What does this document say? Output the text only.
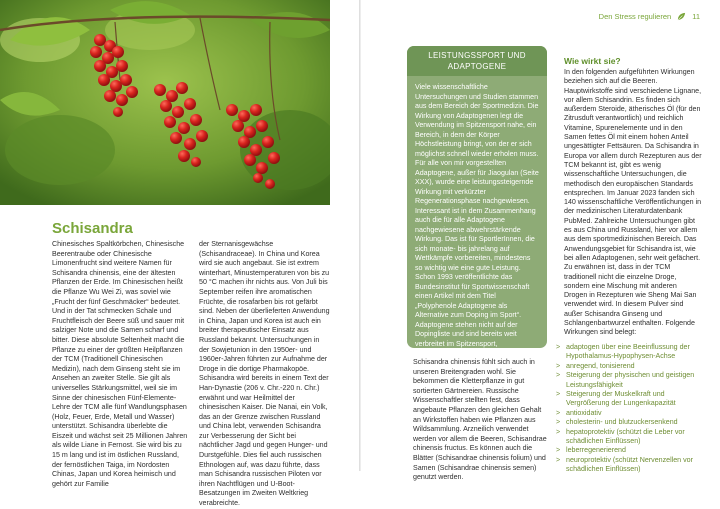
Schisandra

Chinesisches Spaltkörbchen, Chinesische Beerentraube oder Chinesische Limonenfrucht sind weitere Namen für Schisandra chinensis, eine der ältesten Pflanzen der Erde. Im Chinesischen heißt die Pflanze Wu Wei Zi, was soviel wie „Frucht der fünf Geschmäcker“ bedeutet. Und in der Tat schmecken Schale und Fruchtfleisch der Beere süß und sauer mit salziger Note und die Samen scharf und bitter. Diese absolute Seltenheit macht die Pflanze zu einer der größten Heilpflanzen der TCM (Traditionell Chinesischen Medizin), nach dem Ginseng steht sie im Ansehen an zweiter Stelle. Sie gilt als universelles Stärkungsmittel, weil sie im Sinne der chinesischen Fünf-Elemente-Lehre der TCM alle fünf Wandlungsphasen (Holz, Feuer, Erde, Metall und Wasser) unterstützt. Schisandra überlebte die Eiszeit und wächst seit 25 Millionen Jahren als wilde Liane in Fernost. Sie wird bis zu 15 m lang und ist im östlichen Russland, der fernöstlichen Taiga, im Nordosten Chinas, Japan und Korea heimisch und gehört zur Familie

der Sternanisgewächse (Schisandraceae). In China und Korea wird sie auch angebaut. Sie ist extrem winterhart, Minustemperaturen von bis zu 50 °C machen ihr nichts aus. Von Juli bis September reifen ihre aromatischen Früchte, die rosafarben bis rot gefärbt sind. Neben der überlieferten Anwendung in China, Japan und Korea ist auch ein breiter therapeutischer Einsatz aus Russland bekannt. Untersuchungen in der Sowjetunion in den 1950er- und 1960er-Jahren führten zur Aufnahme der Droge in die dortige Pharmakopöe. Schisandra wird bereits in einem Text der Han-Dynastie (206 v. Chr.-220 n. Chr.) erwähnt und war Heilmittel der chinesischen Kaiser. Die Nanai, ein Volk, das an der Grenze zwischen Russland und China lebt, verwenden Schisandra zur Verbesserung der Sicht bei nächtlicher Jagd und gegen Hunger- und Durstgefühle. Dies fiel auch russischen Ethnologen auf, was dazu führte, dass man Schisandra russischen Piloten vor ihren Nachtflügen und U-Boot-Besatzungen im Zweiten Weltkrieg verabreichte.

Den Stress regulieren	11
LEISTUNGSSPORT UND
ADAPTOGENE

Viele wissenschaftliche Untersuchungen und Studien stammen aus dem Bereich der Sportmedizin. Die Wirkung von Adaptogenen legt die Verwendung im Spitzensport nahe, ein Bereich, in dem der Körper Höchstleistung bringt, von der er sich möglichst schnell wieder erholen muss. Für alle von mir vorgestellten Adaptogene, außer für Jiaogulan (Seite XXX), wurde eine leistungssteigernde Wirkung mit verkürzter Regenerationsphase nachgewiesen. Interessant ist in dem Zusammenhang auch die für alle Adaptogene nachgewiesene abwehrstärkende Wirkung. Das ist für SportlerInnen, die sich monate- bis jahrelang auf Wettkämpfe vorbereiten, mindestens so wichtig wie eine gute Leistung. Schon 1993 veröffentlichte das Bundesinstitut für Sportwissenschaft einen Artikel mit dem Titel „Polyphenole Adaptogene als Alternative zum Doping im Sport“. Adaptogene stehen nicht auf der Dopingliste und sind bereits weit verbreitet im Spitzensport,

Schisandra chinensis fühlt sich auch in unseren Breitengraden wohl. Sie bekommen die Kletterpflanze in gut sortierten Gärtnereien. Russische Wissenschaftler stellten fest, dass angebaute Pflanzen den gleichen Gehalt an Wirkstoffen haben wie Pflanzen aus Wildsammlung. Arzneilich verwendet werden vor allem die Beeren, Schisandrae chinensis fructus. Es können auch die Blätter (Schisandrae chinensis folium) und Samen (Schisandrae chinensis semen) genutzt werden.
Wie wirkt sie?

In den folgenden aufgeführten Wirkungen beziehen sich auf die Beeren. Hauptwirkstoffe sind verschiedene Lignane, vor allem Schisandrin. Es finden sich außerdem Steroide, ätherisches Öl (für den Zitrusduft verantwortlich) und reichlich Vitamine, Spurenelemente und in den Samen fettes Öl mit einem hohen Anteil ungesättigter Fettsäuren. Da Schisandra in Europa vor allem durch Rezepturen aus der TCM bekannt ist, gibt es wenig wissenschaftliche Untersuchungen, die methodisch den europäischen Standards entsprechen. Im Januar 2023 fanden sich 140 wissenschaftliche Veröffentlichungen in der medizinischen Literaturdatenbank PubMed. Zahlreiche Untersuchungen gibt es aus China und Russland, hier vor allem aus dem sportmedizinischen Bereich. Das Anwendungsgebiet für Schisandra ist, wie bei allen Adaptogenen, sehr weit gefächert. Zu erwähnen ist, dass in der TCM traditionell nicht die einzelne Droge, sondern eine Mischung mit anderen Drogen in Rezepturen wie Sheng Mai San verwendet wird. In diesem Pulver sind außer Schisandra Ginseng und Schlangenbartwurzel enthalten. Folgende Wirkungen sind belegt:

> adaptogen über eine Beeinflussung der Hypothalamus-Hypophysen-Achse
> anregend, tonisierend
> Steigerung der physischen und geistigen Leistungsfähigkeit
> Steigerung der Muskelkraft und Vergrößerung der Lungenkapazität
> antioxidativ
> cholesterin- und blutzuckersenkend
> hepatoprotektiv (schützt die Leber vor schädlichen Einflüssen)
> leberregenerierend
> neuroprotektiv (schützt Nervenzellen vor schädlichen Einflüssen)
